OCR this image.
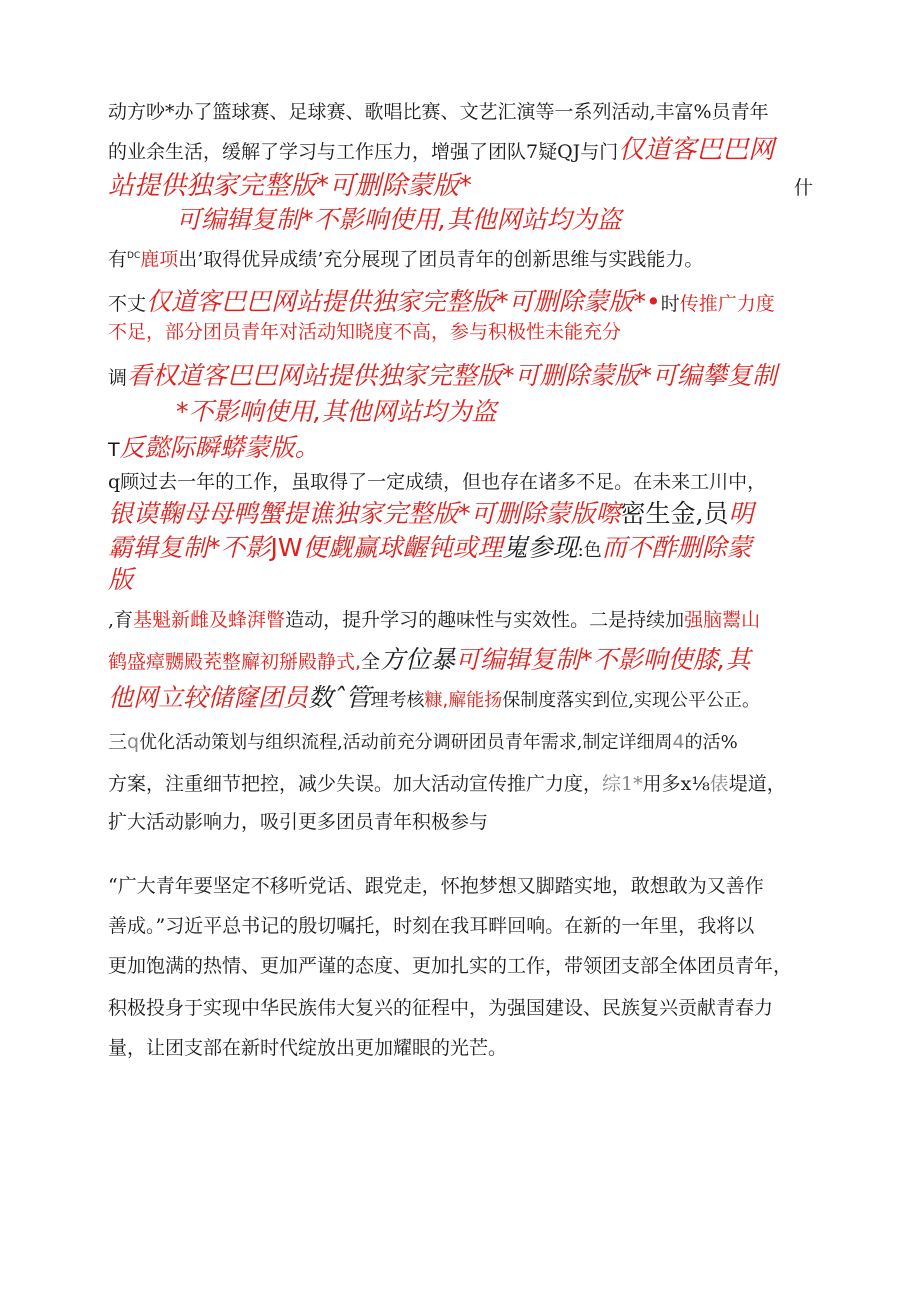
动方吵*办了篮球赛、足球赛、歌唱比赛、文艺汇演等一系列活动,丰富%员青年
的业余生活，缓解了学习与工作压力，增强了团队7疑QJ与门仅道客巴巴网
站提供独家完整版*可删除蒙版*	什
可编辑复制*不影响使用,其他网站均为盗
有$^{DC}$鹿项出’取得优异成绩’充分展现了团员青年的创新思维与实践能力。
不丈仅道客巴巴网站提供独家完整版*可删除蒙版*•时传推广力度
不足，部分团员青年对活动知晓度不高，参与积极性未能充分
调看权道客巴巴网站提供独家完整版*可删除蒙版*可编攀复制
*不影响使用,其他网站均为盗
T反懿际瞬蟒蒙版。
q顾过去一年的工作，虽取得了一定成绩，但也存在诸多不足。在未来工川中，
银谟鞠母母鸭蟹提谯独家完整版*可删除蒙版嚓密生金,员明
霸辑复制*不影JW便觑赢球齷钝或理嵬参现:色而不酢删除蒙
版
,育基魁新雌及蜂湃瞥造动，提升学习的趣味性与实效性。二是持续加强脑鬻山
鹤盛瘴嬲殿茺整廨初掰殿静式,全方位暴可编辑复制*不影响使膝,其
他网立较储窿团员数ˆ管理考核糠,廨能扬保制度落实到位,实现公平公正。
三q优化活动策划与组织流程,活动前充分调研团员青年需求,制定详细周4的活%
方案，注重细节把控，减少失误。加大活动宣传推广力度，综1*用多x⅛俵堤道，
扩大活动影响力，吸引更多团员青年积极参与
“广大青年要坚定不移听党话、跟党走，怀抱梦想又脚踏实地，敢想敢为又善作
善成。”习近平总书记的殷切嘱托，时刻在我耳畔回响。在新的一年里，我将以
更加饱满的热情、更加严谨的态度、更加扎实的工作，带领团支部全体团员青年，
积极投身于实现中华民族伟大复兴的征程中，为强国建设、民族复兴贡献青春力
量，让团支部在新时代绽放出更加耀眼的光芒。
